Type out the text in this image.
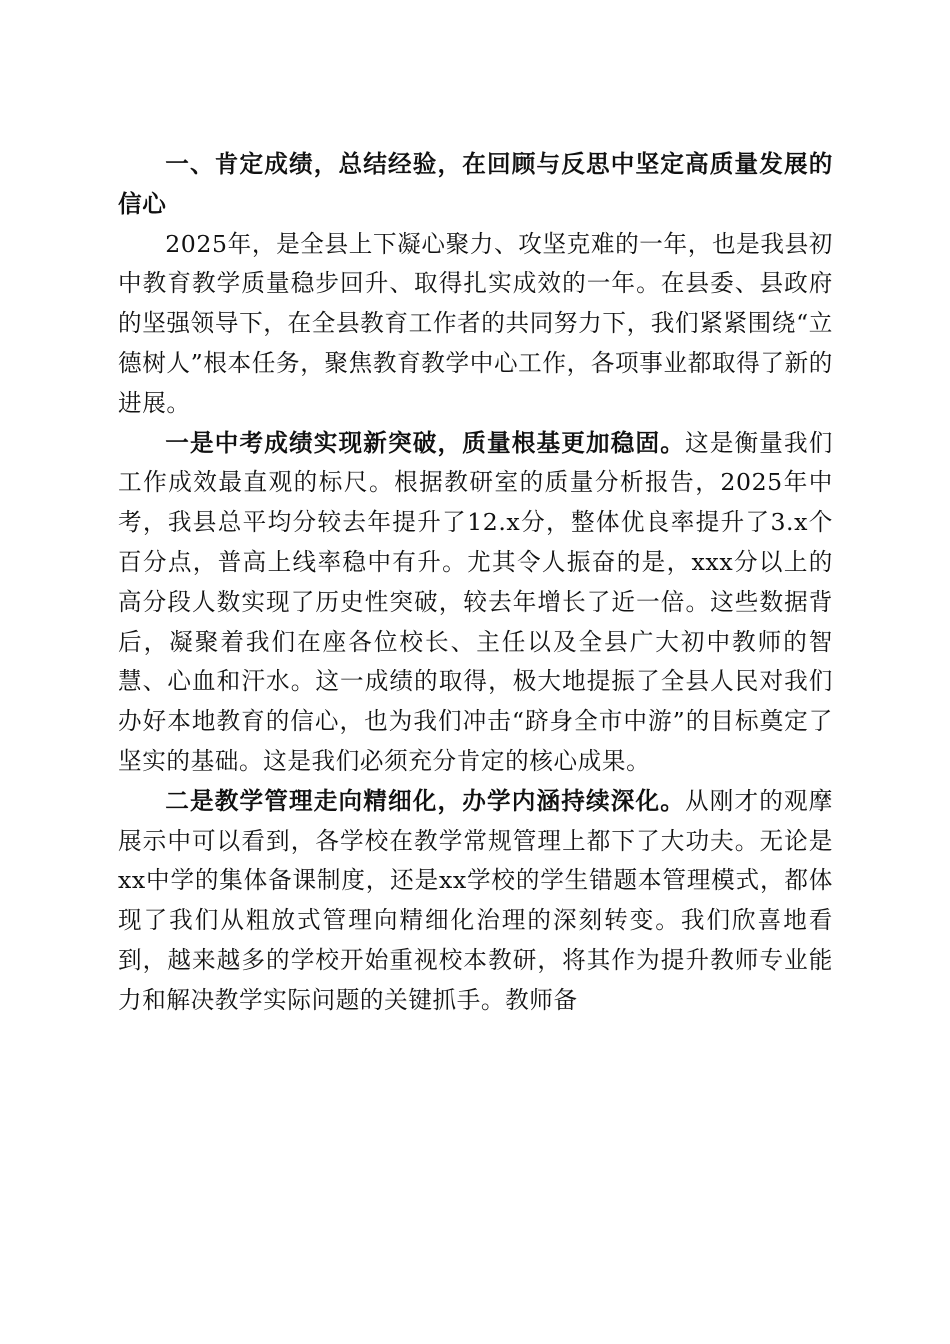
一、肯定成绩，总结经验，在回顾与反思中坚定高质量发展的信心

2025年，是全县上下凝心聚力、攻坚克难的一年，也是我县初中教育教学质量稳步回升、取得扎实成效的一年。在县委、县政府的坚强领导下，在全县教育工作者的共同努力下，我们紧紧围绕“立德树人”根本任务，聚焦教育教学中心工作，各项事业都取得了新的进展。

一是中考成绩实现新突破，质量根基更加稳固。这是衡量我们工作成效最直观的标尺。根据教研室的质量分析报告，2025年中考，我县总平均分较去年提升了12.x分，整体优良率提升了3.x个百分点，普高上线率稳中有升。尤其令人振奋的是，xxx分以上的高分段人数实现了历史性突破，较去年增长了近一倍。这些数据背后，凝聚着我们在座各位校长、主任以及全县广大初中教师的智慧、心血和汗水。这一成绩的取得，极大地提振了全县人民对我们办好本地教育的信心，也为我们冲击“跻身全市中游”的目标奠定了坚实的基础。这是我们必须充分肯定的核心成果。

二是教学管理走向精细化，办学内涵持续深化。从刚才的观摩展示中可以看到，各学校在教学常规管理上都下了大功夫。无论是xx中学的集体备课制度，还是xx学校的学生错题本管理模式，都体现了我们从粗放式管理向精细化治理的深刻转变。我们欣喜地看到，越来越多的学校开始重视校本教研，将其作为提升教师专业能力和解决教学实际问题的关键抓手。教师备
